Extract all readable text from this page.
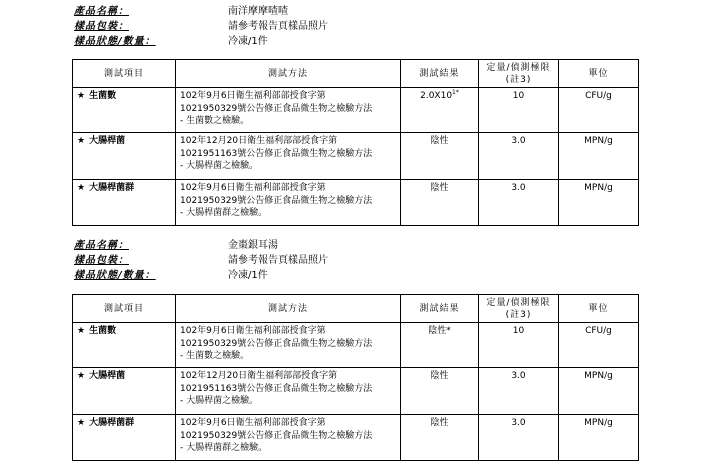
產品名稱：	南洋摩摩喳喳
樣品包裝：	請參考報告頁樣品照片
樣品狀態/數量：	冷凍/1件
測試項目	測試方法	測試結果	定量/偵測極限(註3)	單位
★ 生菌數	102年9月6日衛生福利部部授食字第
1021950329號公告修正食品微生物之檢驗方法
- 生菌數之檢驗。	$2.0X10^{1*}$	10	CFU/g
★ 大腸桿菌	102年12月20日衛生福利部部授食字第
1021951163號公告修正食品微生物之檢驗方法
- 大腸桿菌之檢驗。	陰性	3.0	MPN/g
★ 大腸桿菌群	102年9月6日衛生福利部部授食字第
1021950329號公告修正食品微生物之檢驗方法
- 大腸桿菌群之檢驗。	陰性	3.0	MPN/g
產品名稱：	金棗銀耳湯
樣品包裝：	請參考報告頁樣品照片
樣品狀態/數量：	冷凍/1件
測試項目	測試方法	測試結果	定量/偵測極限(註3)	單位
★ 生菌數	102年9月6日衛生福利部部授食字第
1021950329號公告修正食品微生物之檢驗方法
- 生菌數之檢驗。	陰性*	10	CFU/g
★ 大腸桿菌	102年12月20日衛生福利部部授食字第
1021951163號公告修正食品微生物之檢驗方法
- 大腸桿菌之檢驗。	陰性	3.0	MPN/g
★ 大腸桿菌群	102年9月6日衛生福利部部授食字第
1021950329號公告修正食品微生物之檢驗方法
- 大腸桿菌群之檢驗。	陰性	3.0	MPN/g
